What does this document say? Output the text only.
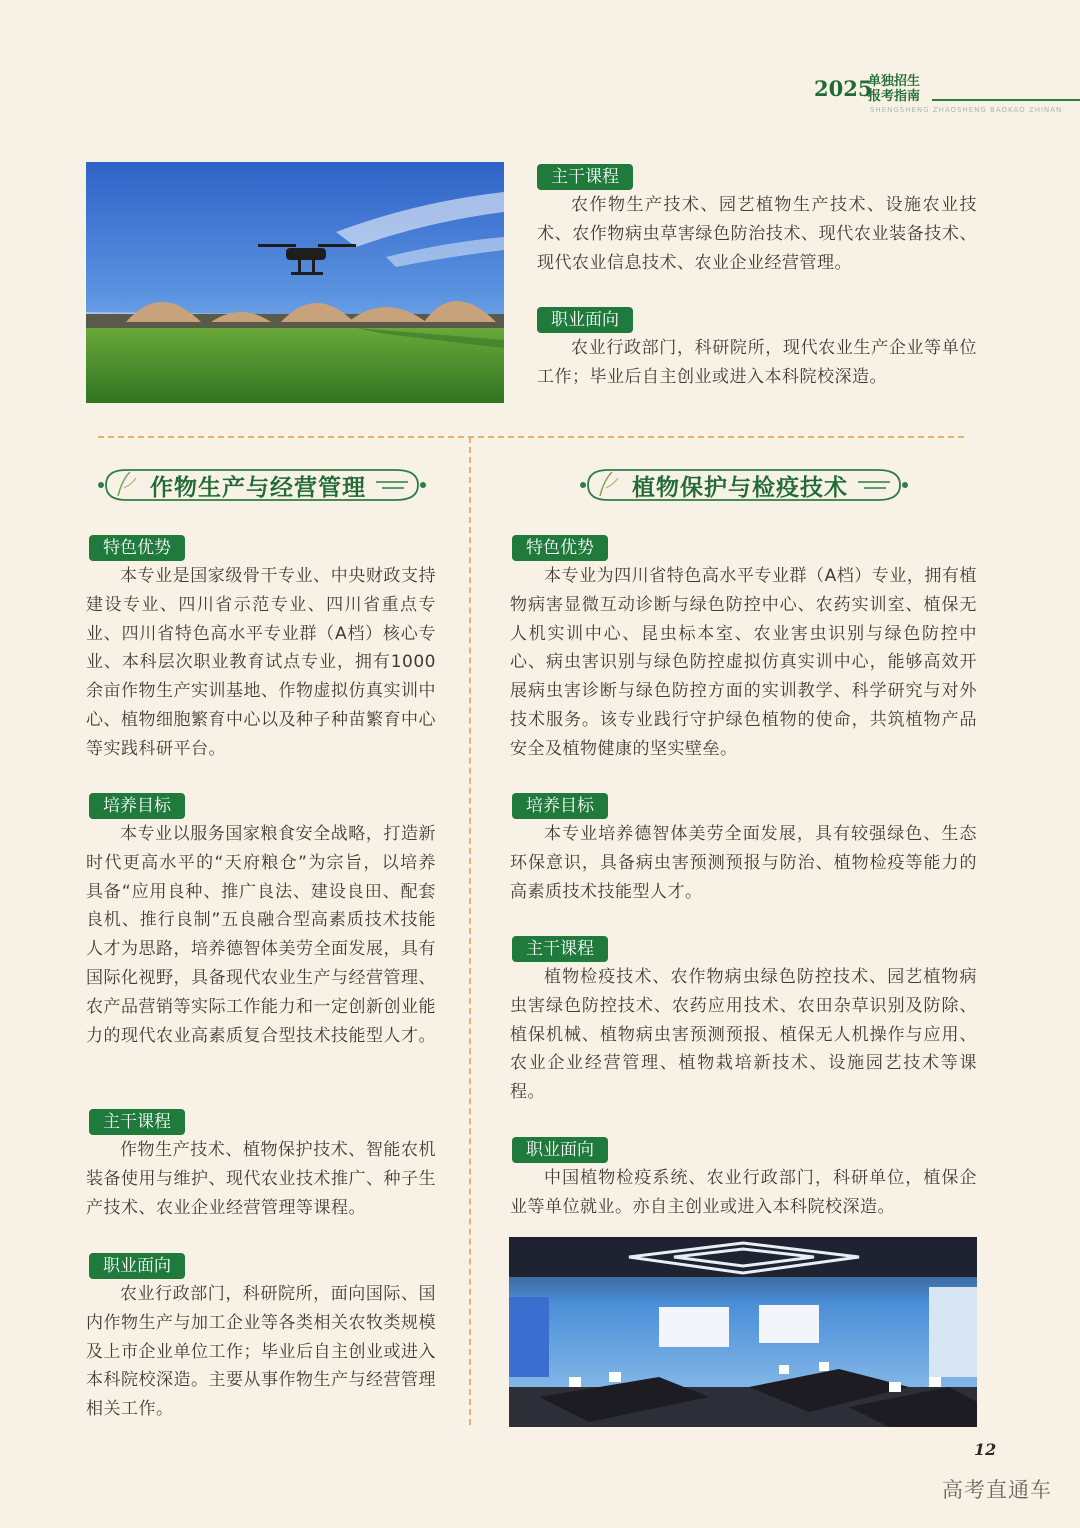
2025
单独招生
报考指南
SHENGSHENG ZHAOSHENG BAOKAO ZHINAN
主干课程
农作物生产技术、园艺植物生产技术、设施农业技术、农作物病虫草害绿色防治技术、现代农业装备技术、现代农业信息技术、农业企业经营管理。
职业面向
农业行政部门，科研院所，现代农业生产企业等单位工作；毕业后自主创业或进入本科院校深造。
作物生产与经营管理	植物保护与检疫技术
特色优势
本专业是国家级骨干专业、中央财政支持建设专业、四川省示范专业、四川省重点专业、四川省特色高水平专业群（A档）核心专业、本科层次职业教育试点专业，拥有1000余亩作物生产实训基地、作物虚拟仿真实训中心、植物细胞繁育中心以及种子种苗繁育中心等实践科研平台。
培养目标
本专业以服务国家粮食安全战略，打造新时代更高水平的“天府粮仓”为宗旨，以培养具备“应用良种、推广良法、建设良田、配套良机、推行良制”五良融合型高素质技术技能人才为思路，培养德智体美劳全面发展，具有国际化视野，具备现代农业生产与经营管理、农产品营销等实际工作能力和一定创新创业能力的现代农业高素质复合型技术技能型人才。
主干课程
作物生产技术、植物保护技术、智能农机装备使用与维护、现代农业技术推广、种子生产技术、农业企业经营管理等课程。
职业面向
农业行政部门，科研院所，面向国际、国内作物生产与加工企业等各类相关农牧类规模及上市企业单位工作；毕业后自主创业或进入本科院校深造。主要从事作物生产与经营管理相关工作。
特色优势
本专业为四川省特色高水平专业群（A档）专业，拥有植物病害显微互动诊断与绿色防控中心、农药实训室、植保无人机实训中心、昆虫标本室、农业害虫识别与绿色防控中心、病虫害识别与绿色防控虚拟仿真实训中心，能够高效开展病虫害诊断与绿色防控方面的实训教学、科学研究与对外技术服务。该专业践行守护绿色植物的使命，共筑植物产品安全及植物健康的坚实壁垒。
培养目标
本专业培养德智体美劳全面发展，具有较强绿色、生态环保意识，具备病虫害预测预报与防治、植物检疫等能力的高素质技术技能型人才。
主干课程
植物检疫技术、农作物病虫绿色防控技术、园艺植物病虫害绿色防控技术、农药应用技术、农田杂草识别及防除、植保机械、植物病虫害预测预报、植保无人机操作与应用、农业企业经营管理、植物栽培新技术、设施园艺技术等课程。
职业面向
中国植物检疫系统、农业行政部门，科研单位，植保企业等单位就业。亦自主创业或进入本科院校深造。
12
高考直通车
